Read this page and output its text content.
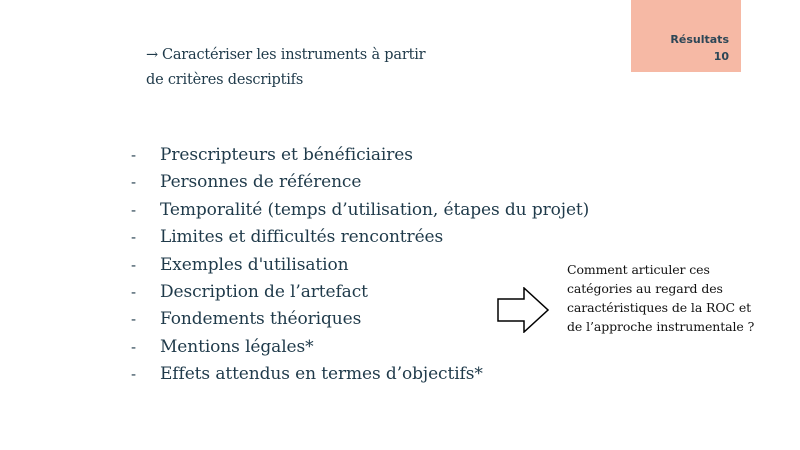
Résultats
10
→ Caractériser les instruments à partir
de critères descriptifs
- Prescripteurs et bénéficiaires
- Personnes de référence
- Temporalité (temps d’utilisation, étapes du projet)
- Limites et difficultés rencontrées
- Exemples d'utilisation
- Description de l’artefact
- Fondements théoriques
- Mentions légales*
- Effets attendus en termes d’objectifs*
Comment articuler ces
catégories au regard des
caractéristiques de la ROC et
de l’approche instrumentale ?
